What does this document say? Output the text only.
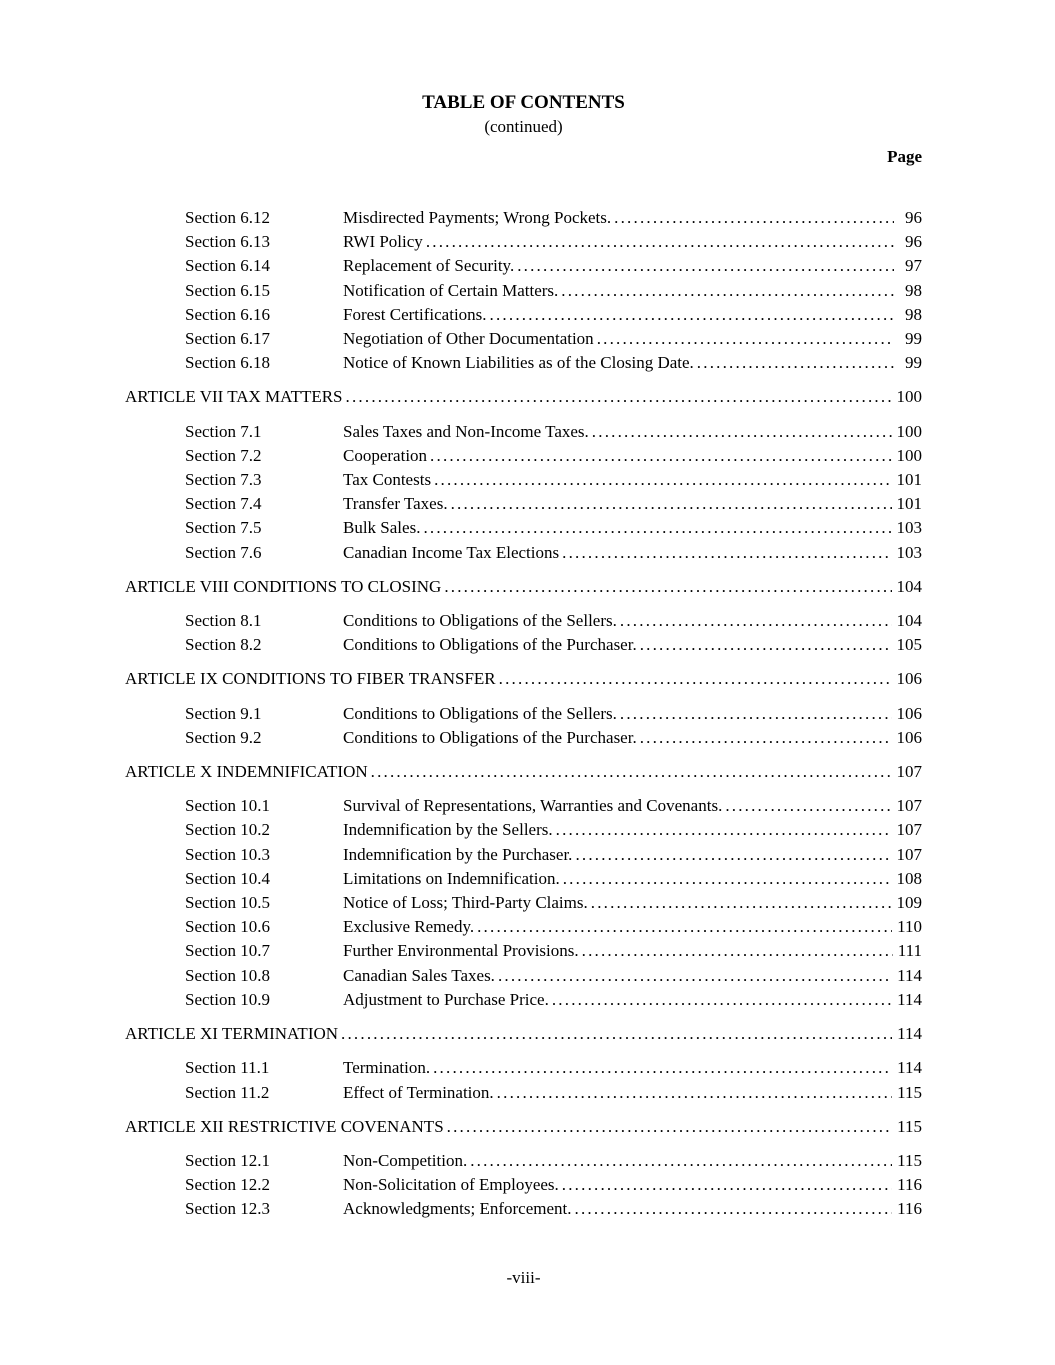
TABLE OF CONTENTS
(continued)
Page
Section 6.12	Misdirected Payments; Wrong Pockets. .....	96
Section 6.13	RWI Policy .....	96
Section 6.14	Replacement of Security. .....	97
Section 6.15	Notification of Certain Matters. .....	98
Section 6.16	Forest Certifications. .....	98
Section 6.17	Negotiation of Other Documentation .....	99
Section 6.18	Notice of Known Liabilities as of the Closing Date. .....	99
ARTICLE VII TAX MATTERS .....	100
Section 7.1	Sales Taxes and Non-Income Taxes. .....	100
Section 7.2	Cooperation .....	100
Section 7.3	Tax Contests .....	101
Section 7.4	Transfer Taxes. .....	101
Section 7.5	Bulk Sales. .....	103
Section 7.6	Canadian Income Tax Elections .....	103
ARTICLE VIII CONDITIONS TO CLOSING .....	104
Section 8.1	Conditions to Obligations of the Sellers. .....	104
Section 8.2	Conditions to Obligations of the Purchaser. .....	105
ARTICLE IX CONDITIONS TO FIBER TRANSFER .....	106
Section 9.1	Conditions to Obligations of the Sellers. .....	106
Section 9.2	Conditions to Obligations of the Purchaser. .....	106
ARTICLE X INDEMNIFICATION .....	107
Section 10.1	Survival of Representations, Warranties and Covenants. .....	107
Section 10.2	Indemnification by the Sellers. .....	107
Section 10.3	Indemnification by the Purchaser. .....	107
Section 10.4	Limitations on Indemnification. .....	108
Section 10.5	Notice of Loss; Third-Party Claims. .....	109
Section 10.6	Exclusive Remedy. .....	110
Section 10.7	Further Environmental Provisions. .....	111
Section 10.8	Canadian Sales Taxes. .....	114
Section 10.9	Adjustment to Purchase Price. .....	114
ARTICLE XI TERMINATION .....	114
Section 11.1	Termination. .....	114
Section 11.2	Effect of Termination. .....	115
ARTICLE XII RESTRICTIVE COVENANTS .....	115
Section 12.1	Non-Competition. .....	115
Section 12.2	Non-Solicitation of Employees. .....	116
Section 12.3	Acknowledgments; Enforcement. .....	116
-viii-
